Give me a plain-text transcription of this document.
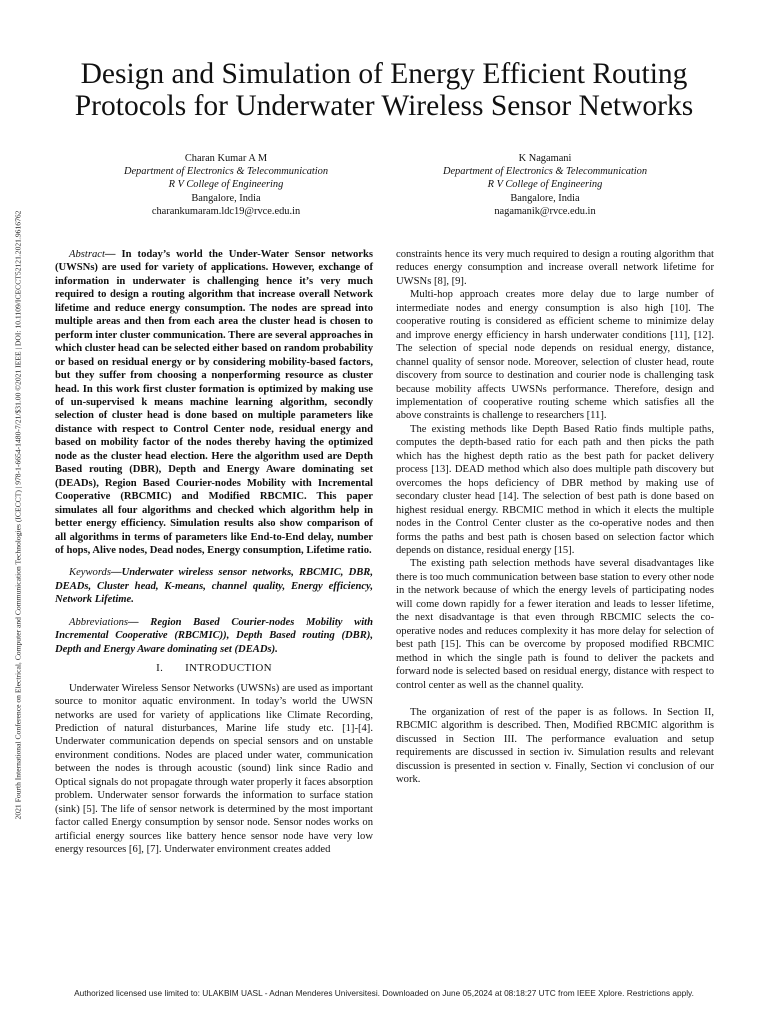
2021 Fourth International Conference on Electrical, Computer and Communication Technologies (ICECCT) | 978-1-6654-1480-7/21/$31.00 ©2021 IEEE | DOI: 10.1109/ICECCT52121.2021.9616762
Design and Simulation of Energy Efficient Routing Protocols for Underwater Wireless Sensor Networks
Charan Kumar A M
Department of Electronics & Telecommunication
R V College of Engineering
Bangalore, India
charankumaram.ldc19@rvce.edu.in
K Nagamani
Department of Electronics & Telecommunication
R V College of Engineering
Bangalore, India
nagamanik@rvce.edu.in

Abstract— In today’s world the Under-Water Sensor networks (UWSNs) are used for variety of applications. However, exchange of information in underwater is challenging hence it’s very much required to design a routing algorithm that increase overall Network lifetime and reduce energy consumption. The nodes are spread into multiple areas and then from each area the cluster head is chosen to perform inter cluster communication. There are several approaches in which cluster head can be selected either based on random probability or based on residual energy or by considering mobility-based factors, but they suffer from choosing a nonperforming resource as cluster head. In this work first cluster formation is optimized by making use of un-supervised k means machine learning algorithm, secondly selection of cluster head is done based on multiple parameters like distance with respect to Control Center node, residual energy and based on mobility factor of the nodes thereby having the optimized node as the cluster head election. Here the algorithm used are Depth Based routing (DBR), Depth and Energy Aware dominating set (DEADs), Region Based Courier-nodes Mobility with Incremental Cooperative (RBCMIC) and Modified RBCMIC. This paper simulates all four algorithms and checked which algorithm help in better energy efficiency. Simulation results also show comparison of all algorithms in terms of parameters like End-to-End delay, number of hops, Alive nodes, Dead nodes, Energy consumption, Lifetime ratio.

Keywords—Underwater wireless sensor networks, RBCMIC, DBR, DEADs, Cluster head, K-means, channel quality, Energy efficiency, Network Lifetime.

Abbreviations— Region Based Courier-nodes Mobility with Incremental Cooperative (RBCMIC)), Depth Based routing (DBR), Depth and Energy Aware dominating set (DEADs).

I. INTRODUCTION

Underwater Wireless Sensor Networks (UWSNs) are used as important source to monitor aquatic environment. In today’s world the UWSN networks are used for variety of applications like Climate Recording, Prediction of natural disturbances, Marine life study etc. [1]-[4]. Underwater communication depends on special sensors and on unstable environment conditions. Nodes are placed under water, communication between the nodes is through acoustic (sound) link since Radio and Optical signals do not propagate through water properly it faces absorption problem. Underwater sensor forwards the information to surface station (sink) [5]. The life of sensor network is determined by the most important factor called Energy consumption by sensor node. Sensor nodes works on artificial energy sources like battery hence sensor node have very low energy resources [6], [7]. Underwater environment creates added

constraints hence its very much required to design a routing algorithm that reduces energy consumption and increase overall network lifetime for UWSNs [8], [9].

Multi-hop approach creates more delay due to large number of intermediate nodes and energy consumption is also high [10]. The cooperative routing is considered as efficient scheme to minimize delay and improve energy efficiency in harsh underwater conditions [11], [12]. The selection of special node depends on residual energy, distance, channel quality of sensor node. Moreover, selection of cluster head, route discovery from source to destination and courier node is challenging task because mobility affects UWSNs performance. Therefore, design and implementation of cooperative routing scheme which satisfies all the above constraints is challenge to researchers [11].

The existing methods like Depth Based Ratio finds multiple paths, computes the depth-based ratio for each path and then picks the path which has the highest depth ratio as the best path for packet delivery process [13]. DEAD method which also does multiple path discovery but overcomes the hops deficiency of DBR method by making use of secondary cluster head [14]. The selection of best path is done based on highest residual energy. RBCMIC method in which it elects the multiple nodes in the Control Center cluster as the co-operative nodes and then forms the paths and best path is chosen based on selection factor which depends on distance, residual energy [15].

The existing path selection methods have several disadvantages like there is too much communication between base station to every other node in the network because of which the energy levels of participating nodes will come down rapidly for a fewer iteration and leads to lesser lifetime, the next disadvantage is that even through RBCMIC selects the co-operative nodes and reduces complexity it has more delay for selection of best path [15]. This can be overcome by proposed modified RBCMIC method in which the single path is found to deliver the packets and forward node is selected based on residual energy, distance with respect to control center as well as the channel quality.

The organization of rest of the paper is as follows. In Section II, RBCMIC algorithm is described. Then, Modified RBCMIC algorithm is discussed in Section III. The performance evaluation and setup requirements are discussed in section iv. Simulation results and relevant discussion is presented in section v. Finally, Section vi conclusion of our work.

Authorized licensed use limited to: ULAKBIM UASL - Adnan Menderes Universitesi. Downloaded on June 05,2024 at 08:18:27 UTC from IEEE Xplore. Restrictions apply.
